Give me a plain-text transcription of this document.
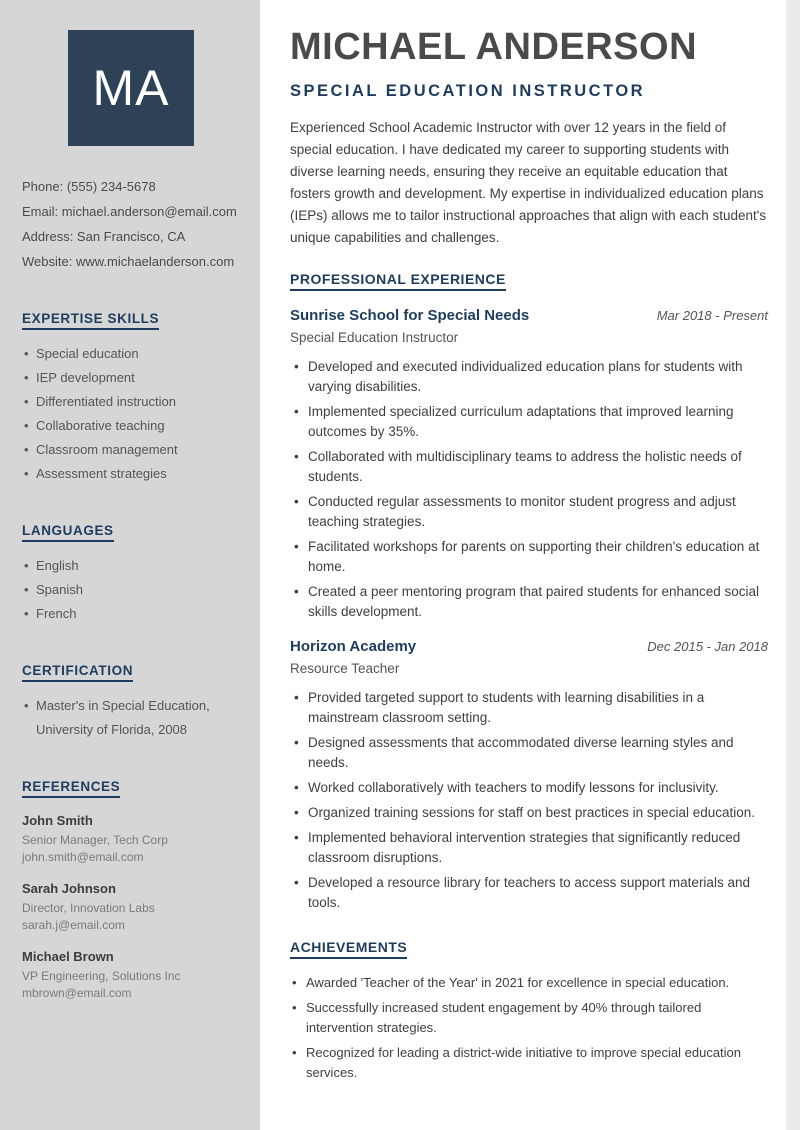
MA
Phone: (555) 234-5678
Email: michael.anderson@email.com
Address: San Francisco, CA
Website: www.michaelanderson.com
EXPERTISE SKILLS
• Special education
• IEP development
• Differentiated instruction
• Collaborative teaching
• Classroom management
• Assessment strategies
LANGUAGES
• English
• Spanish
• French
CERTIFICATION
• Master's in Special Education, University of Florida, 2008
REFERENCES
John Smith
Senior Manager, Tech Corp
john.smith@email.com
Sarah Johnson
Director, Innovation Labs
sarah.j@email.com
Michael Brown
VP Engineering, Solutions Inc
mbrown@email.com
MICHAEL ANDERSON
SPECIAL EDUCATION INSTRUCTOR

Experienced School Academic Instructor with over 12 years in the field of special education. I have dedicated my career to supporting students with diverse learning needs, ensuring they receive an equitable education that fosters growth and development. My expertise in individualized education plans (IEPs) allows me to tailor instructional approaches that align with each student's unique capabilities and challenges.

PROFESSIONAL EXPERIENCE
Sunrise School for Special Needs	Mar 2018 - Present
Special Education Instructor
• Developed and executed individualized education plans for students with varying disabilities.
• Implemented specialized curriculum adaptations that improved learning outcomes by 35%.
• Collaborated with multidisciplinary teams to address the holistic needs of students.
• Conducted regular assessments to monitor student progress and adjust teaching strategies.
• Facilitated workshops for parents on supporting their children's education at home.
• Created a peer mentoring program that paired students for enhanced social skills development.
Horizon Academy	Dec 2015 - Jan 2018
Resource Teacher
• Provided targeted support to students with learning disabilities in a mainstream classroom setting.
• Designed assessments that accommodated diverse learning styles and needs.
• Worked collaboratively with teachers to modify lessons for inclusivity.
• Organized training sessions for staff on best practices in special education.
• Implemented behavioral intervention strategies that significantly reduced classroom disruptions.
• Developed a resource library for teachers to access support materials and tools.
ACHIEVEMENTS
• Awarded 'Teacher of the Year' in 2021 for excellence in special education.
• Successfully increased student engagement by 40% through tailored intervention strategies.
• Recognized for leading a district-wide initiative to improve special education services.
